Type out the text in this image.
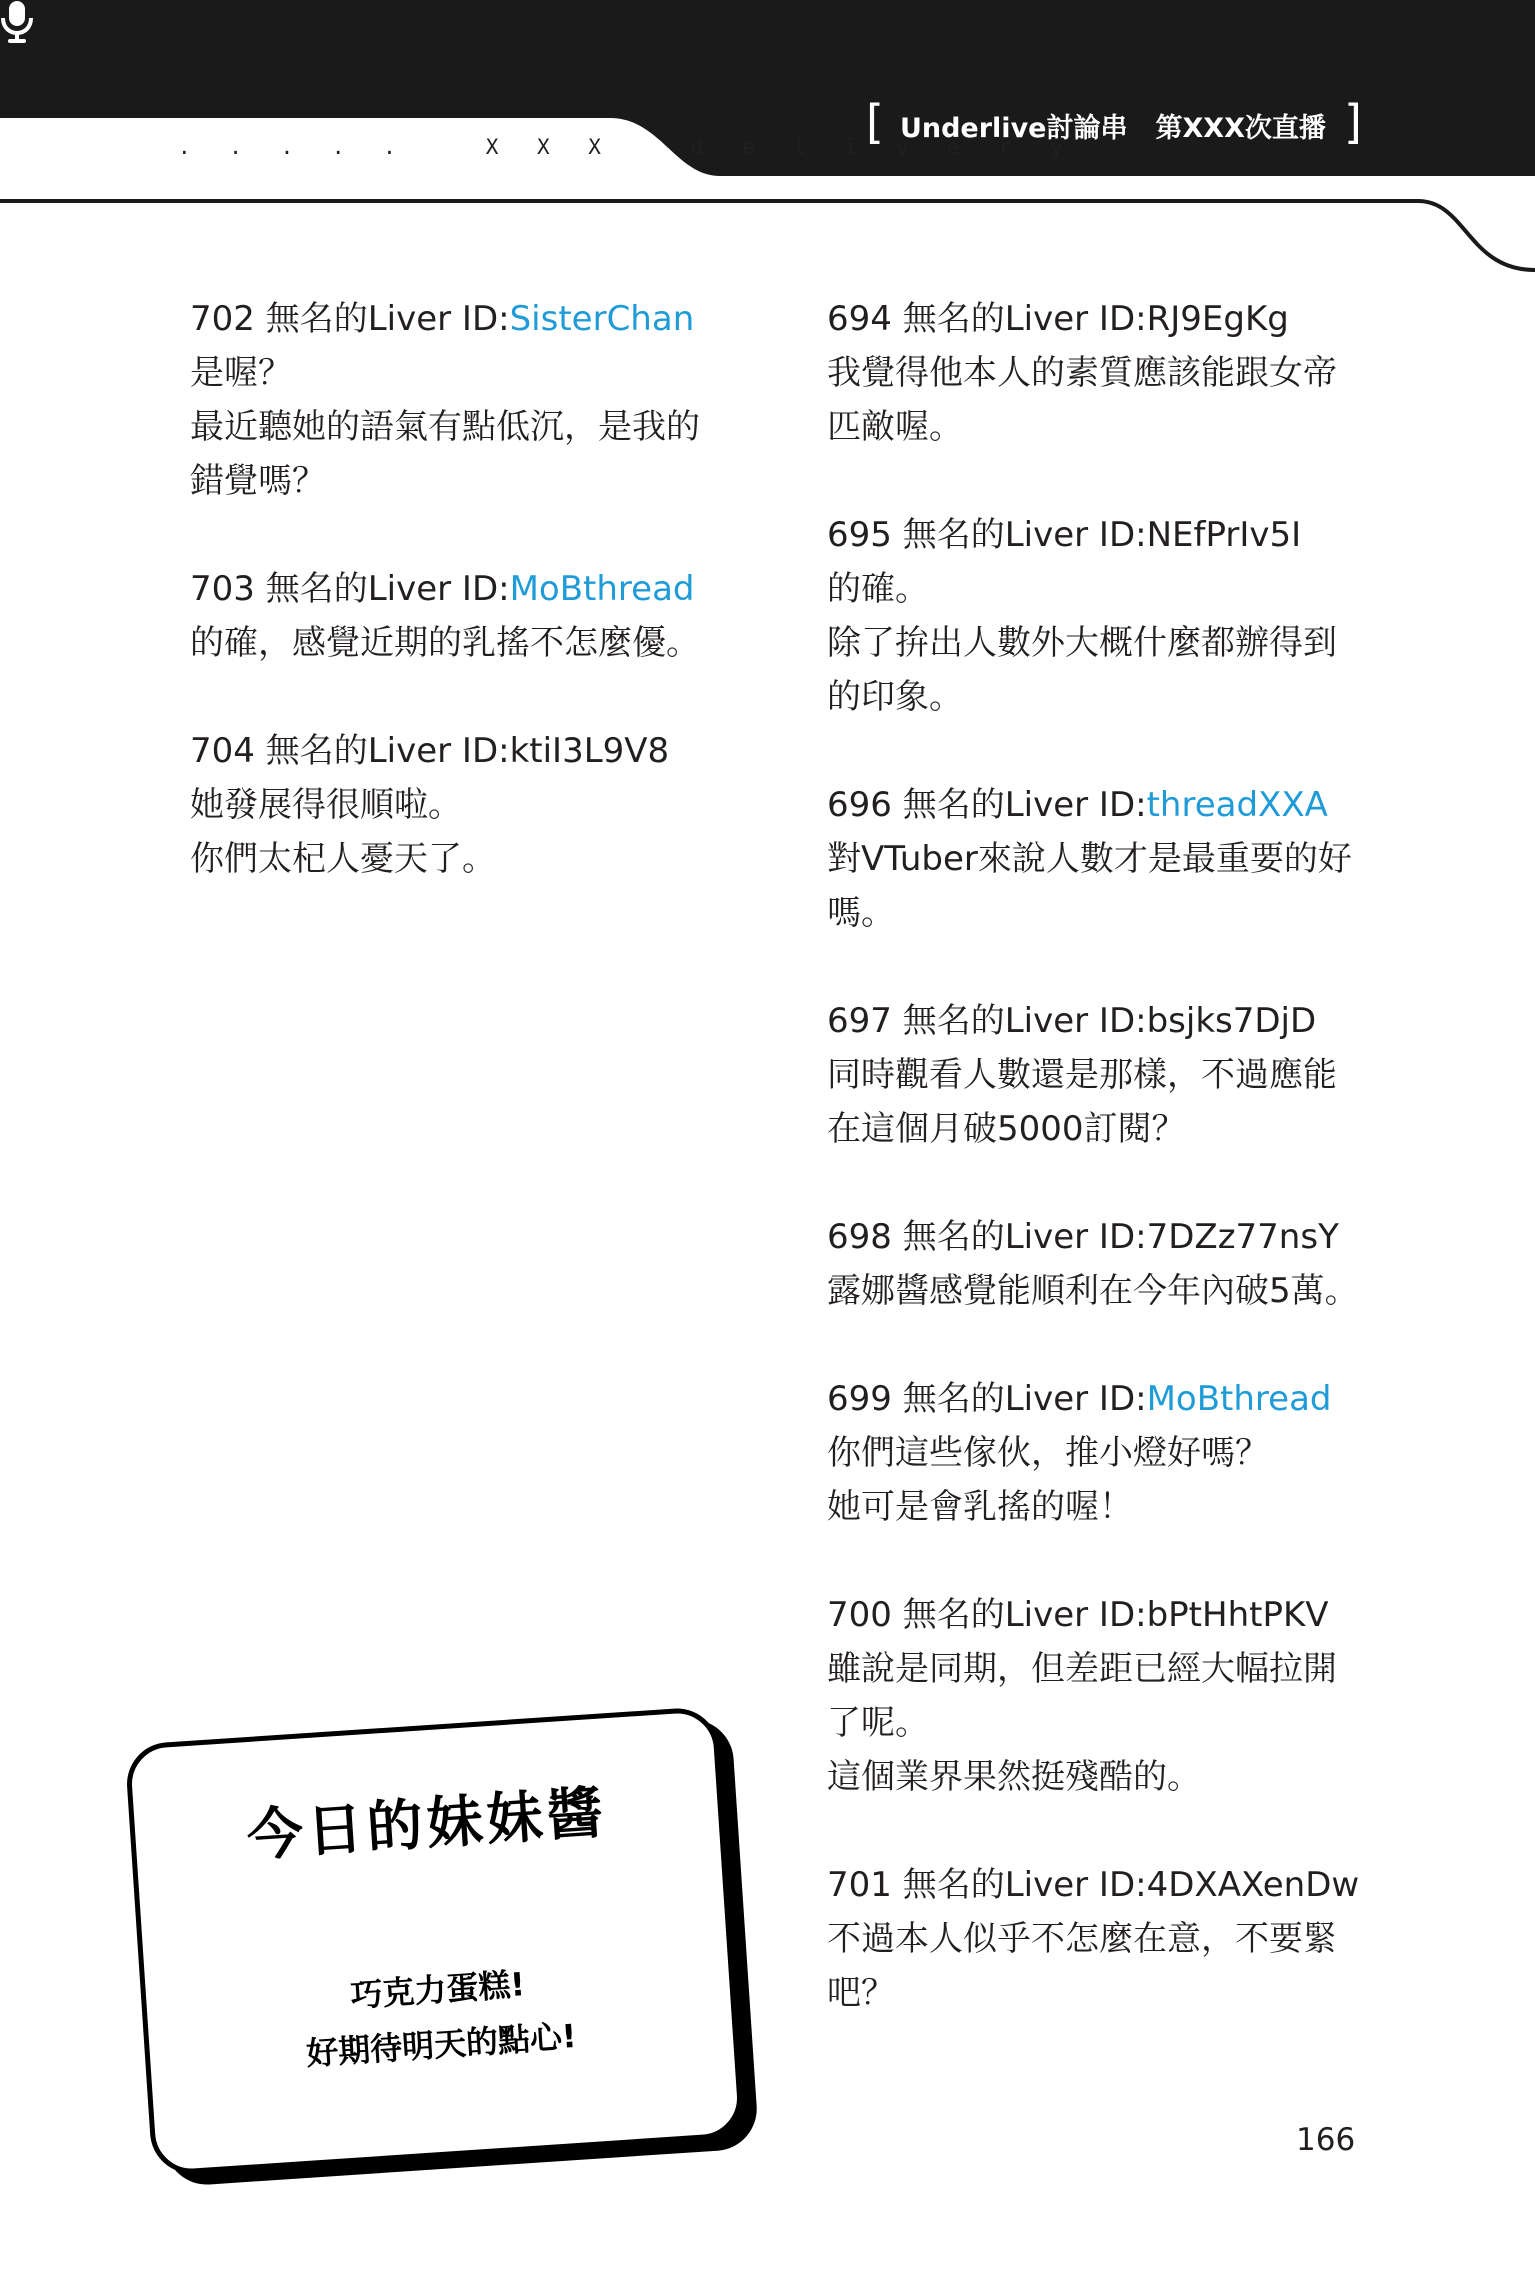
. . . . .   X X X   d e l i v e r y
[ Underlive討論串 第XXX次直播 ]
702 無名的Liver ID:SisterChan
是喔？
最近聽她的語氣有點低沉，是我的
錯覺嗎？
703 無名的Liver ID:MoBthread
的確，感覺近期的乳搖不怎麼優。
704 無名的Liver ID:ktiI3L9V8
她發展得很順啦。
你們太杞人憂天了。
694 無名的Liver ID:RJ9EgKg
我覺得他本人的素質應該能跟女帝
匹敵喔。
695 無名的Liver ID:NEfPrIv5I
的確。
除了拚出人數外大概什麼都辦得到
的印象。
696 無名的Liver ID:threadXXA
對VTuber來說人數才是最重要的好
嗎。
697 無名的Liver ID:bsjks7DjD
同時觀看人數還是那樣，不過應能
在這個月破5000訂閱？
698 無名的Liver ID:7DZz77nsY
露娜醬感覺能順利在今年內破5萬。
699 無名的Liver ID:MoBthread
你們這些傢伙，推小燈好嗎？
她可是會乳搖的喔！
700 無名的Liver ID:bPtHhtPKV
雖說是同期，但差距已經大幅拉開
了呢。
這個業界果然挺殘酷的。
701 無名的Liver ID:4DXAXenDw
不過本人似乎不怎麼在意，不要緊
吧？
今日的妹妹醬
巧克力蛋糕!
好期待明天的點心!
166
